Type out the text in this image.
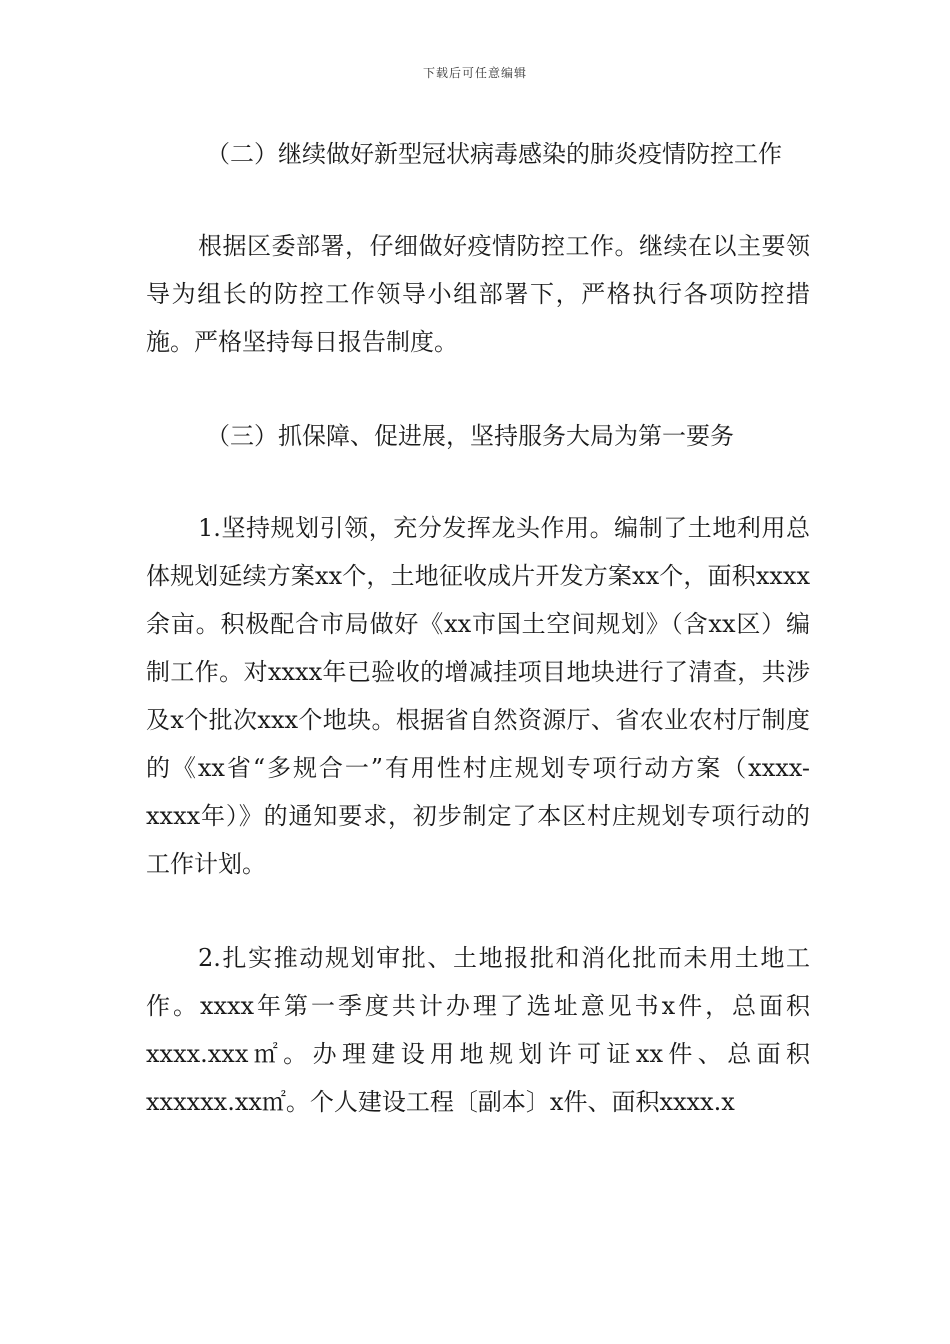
下载后可任意编辑

（二）继续做好新型冠状病毒感染的肺炎疫情防控工作

根据区委部署，仔细做好疫情防控工作。继续在以主要领导为组长的防控工作领导小组部署下，严格执行各项防控措施。严格坚持每日报告制度。

（三）抓保障、促进展，坚持服务大局为第一要务

1.坚持规划引领，充分发挥龙头作用。编制了土地利用总体规划延续方案xx个，土地征收成片开发方案xx个，面积xxxx余亩。积极配合市局做好《xx市国土空间规划》（含xx区）编制工作。对xxxx年已验收的增减挂项目地块进行了清查，共涉及x个批次xxx个地块。根据省自然资源厅、省农业农村厅制度的《xx省“多规合一”有用性村庄规划专项行动方案（xxxx-xxxx年）》的通知要求，初步制定了本区村庄规划专项行动的工作计划。

2.扎实推动规划审批、土地报批和消化批而未用土地工作。xxxx年第一季度共计办理了选址意见书x件，总面积xxxx.xxx㎡。办理建设用地规划许可证xx件、总面积xxxxxx.xx㎡。个人建设工程〔副本〕x件、面积xxxx.x
